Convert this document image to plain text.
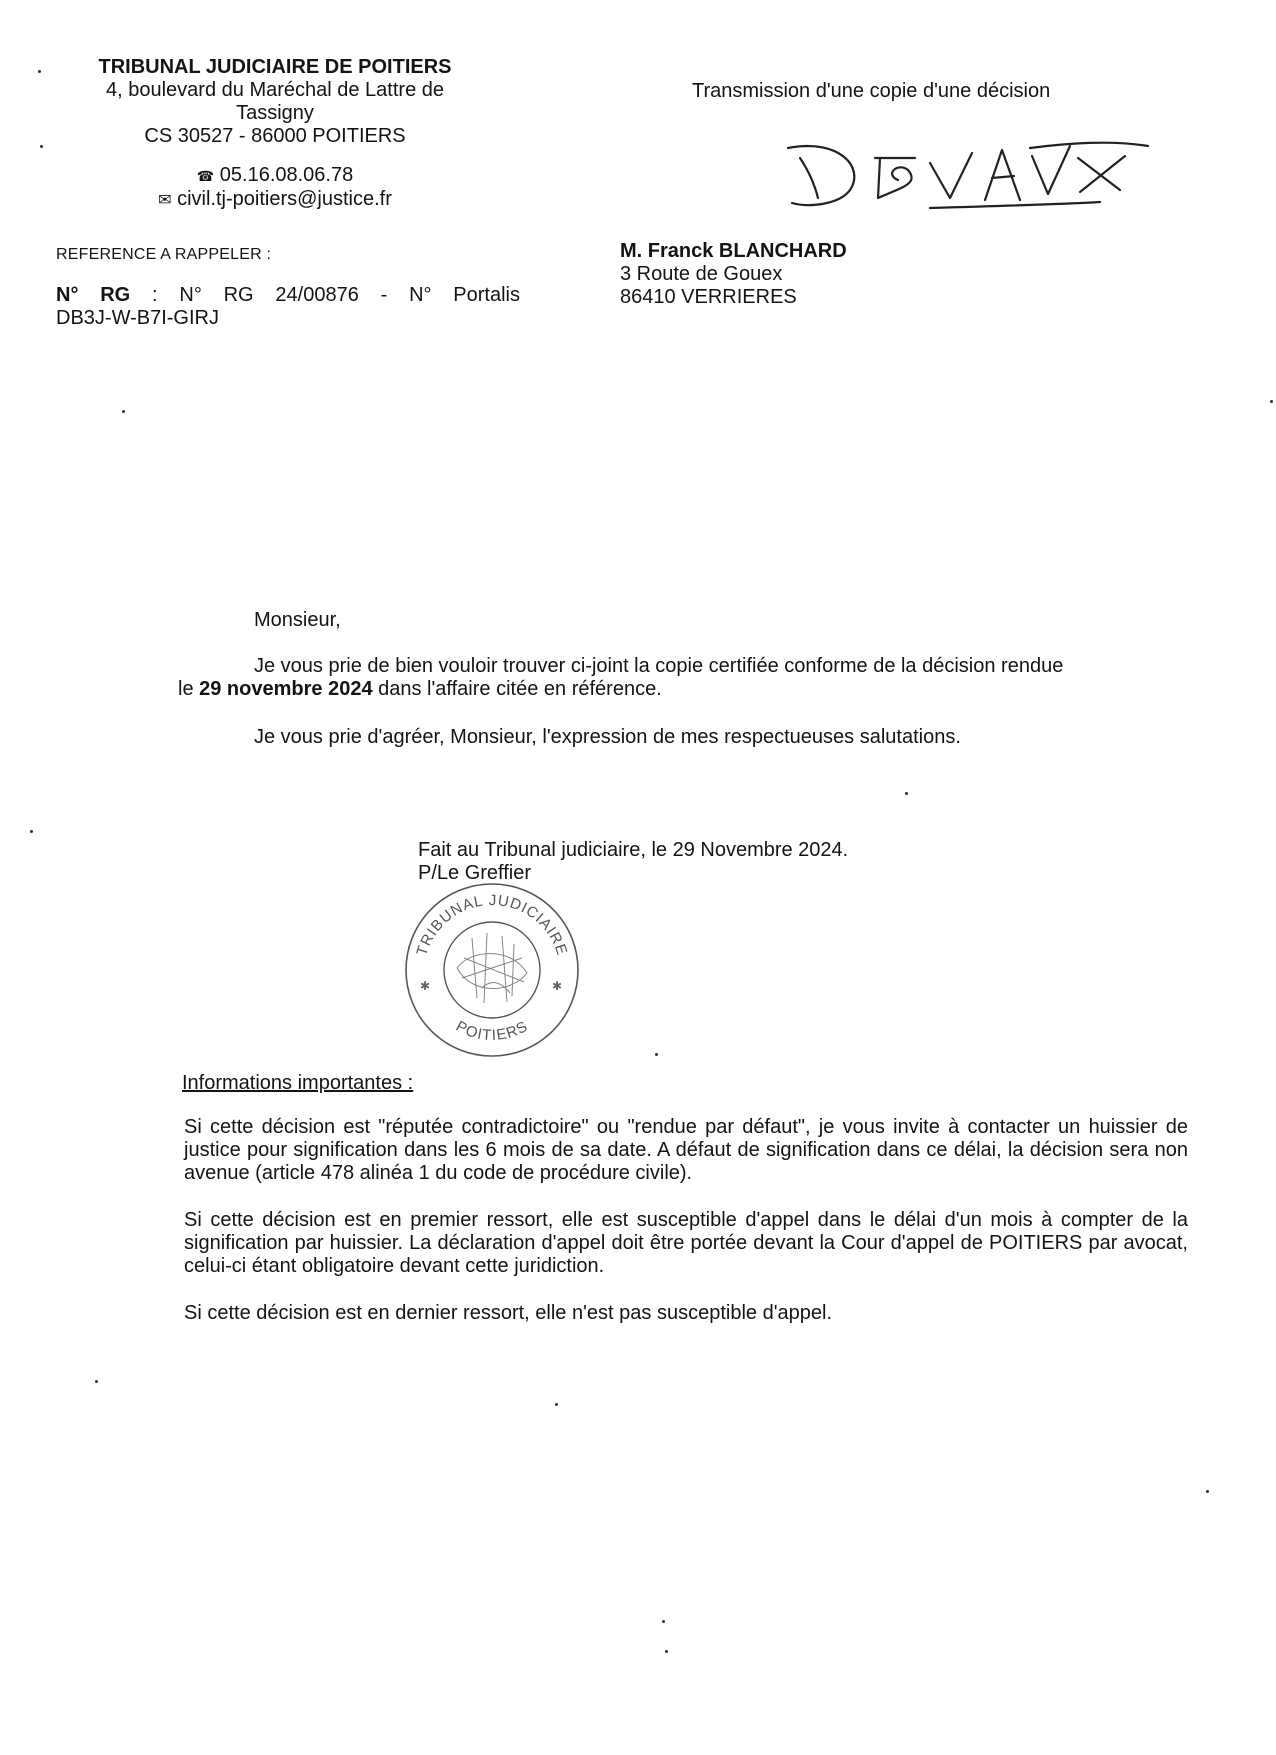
TRIBUNAL JUDICIAIRE DE POITIERS
4, boulevard du Maréchal de Lattre de
Tassigny
CS 30527 - 86000 POITIERS
☎ 05.16.08.06.78
✉ civil.tj-poitiers@justice.fr
REFERENCE A RAPPELER :
N° RG : N° RG 24/00876 - N° Portalis
DB3J-W-B7I-GIRJ
Transmission d'une copie d'une décision
M. Franck BLANCHARD
3 Route de Gouex
86410 VERRIERES
Monsieur,
Je vous prie de bien vouloir trouver ci-joint la copie certifiée conforme de la décision rendue
le 29 novembre 2024 dans l'affaire citée en référence.
Je vous prie d'agréer, Monsieur, l'expression de mes respectueuses salutations.
Fait au Tribunal judiciaire, le 29 Novembre 2024.
P/Le Greffier
TRIBUNAL JUDICIAIRE
POITIERS
✱	✱
Informations importantes :
Si cette décision est "réputée contradictoire" ou "rendue par défaut", je vous invite à contacter un huissier de justice pour signification dans les 6 mois de sa date. A défaut de signification dans ce délai, la décision sera non avenue (article 478 alinéa 1 du code de procédure civile).
Si cette décision est en premier ressort, elle est susceptible d'appel dans le délai d'un mois à compter de la signification par huissier. La déclaration d'appel doit être portée devant la Cour d'appel de POITIERS par avocat, celui-ci étant obligatoire devant cette juridiction.
Si cette décision est en dernier ressort, elle n'est pas susceptible d'appel.
